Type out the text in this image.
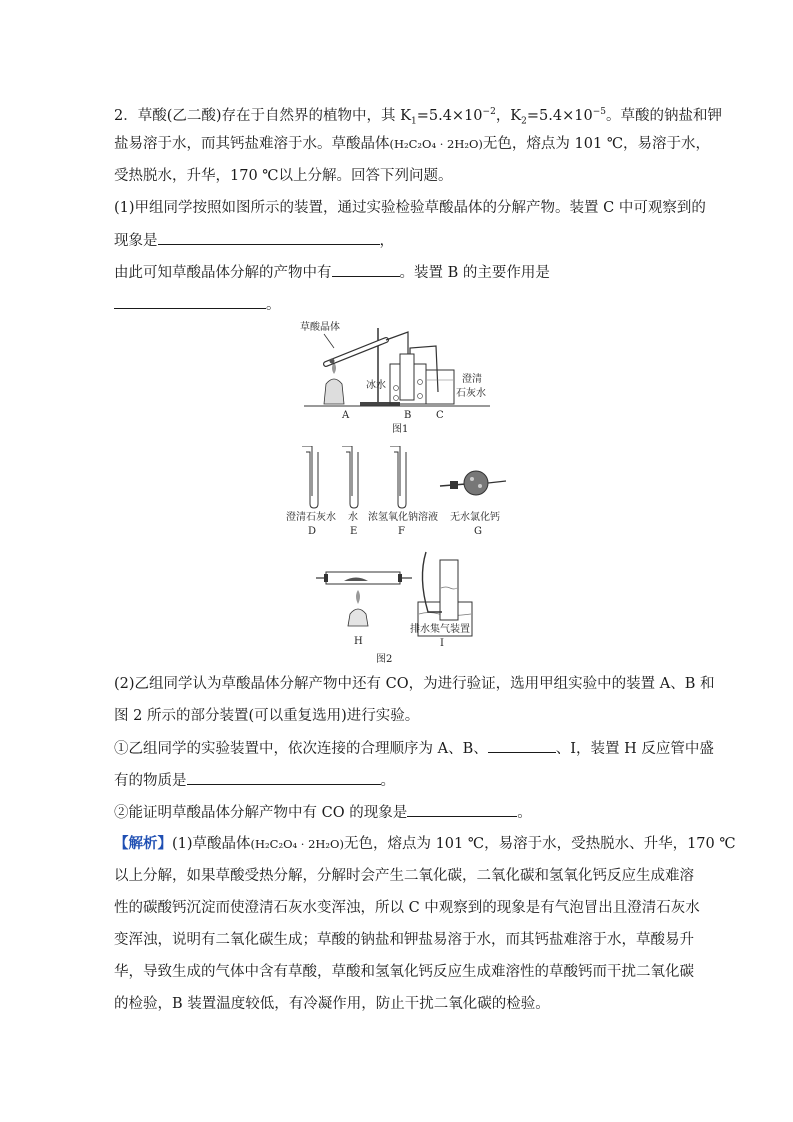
2．草酸(乙二酸)存在于自然界的植物中，其 $K_1=5.4\times 10^{-2}$，$K_2=5.4\times 10^{-5}$。草酸的钠盐和钾
盐易溶于水，而其钙盐难溶于水。草酸晶体(H₂C₂O₄ · 2H₂O)无色，熔点为 101 ℃，易溶于水，
受热脱水，升华，170 ℃以上分解。回答下列问题。
(1)甲组同学按照如图所示的装置，通过实验检验草酸晶体的分解产物。装置 C 中可观察到的
现象是	，
由此可知草酸晶体分解的产物中有	。装置 B 的主要作用是
。
草酸晶体
冰水
澄清
石灰水
A	B C
图1
澄清石灰水 水 浓氢氧化钠溶液 无水氯化钙
D	E	F	G
H
排水集气装置
I
图2
(2)乙组同学认为草酸晶体分解产物中还有 CO，为进行验证，选用甲组实验中的装置 A、B 和
图 2 所示的部分装置(可以重复选用)进行实验。
①乙组同学的实验装置中，依次连接的合理顺序为 A、B、	、I，装置 H 反应管中盛
有的物质是	。
②能证明草酸晶体分解产物中有 CO 的现象是	。
【解析】(1)草酸晶体(H₂C₂O₄ · 2H₂O)无色，熔点为 101 ℃，易溶于水，受热脱水、升华，170 ℃
以上分解，如果草酸受热分解，分解时会产生二氧化碳，二氧化碳和氢氧化钙反应生成难溶
性的碳酸钙沉淀而使澄清石灰水变浑浊，所以 C 中观察到的现象是有气泡冒出且澄清石灰水
变浑浊，说明有二氧化碳生成；草酸的钠盐和钾盐易溶于水，而其钙盐难溶于水，草酸易升
华，导致生成的气体中含有草酸，草酸和氢氧化钙反应生成难溶性的草酸钙而干扰二氧化碳
的检验，B 装置温度较低，有冷凝作用，防止干扰二氧化碳的检验。
